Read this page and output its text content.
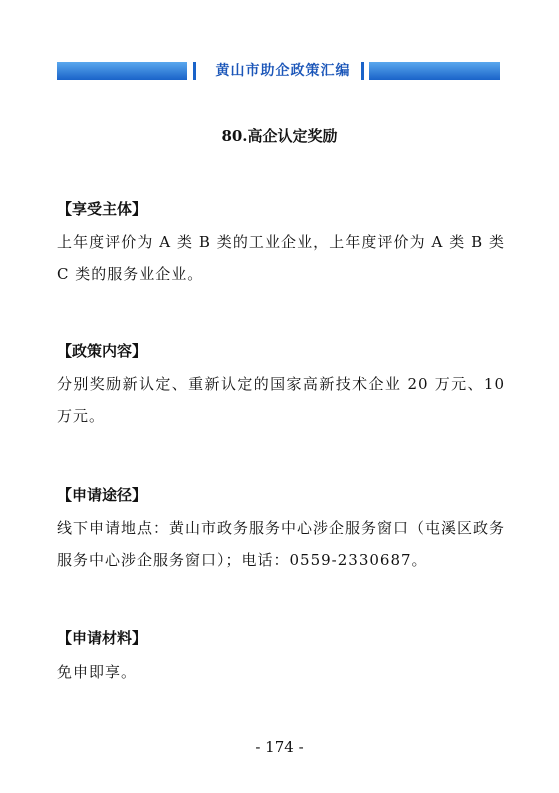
黄山市助企政策汇编
80.高企认定奖励
【享受主体】
上年度评价为 A 类 B 类的工业企业，上年度评价为 A 类 B 类 C 类的服务业企业。
【政策内容】
分别奖励新认定、重新认定的国家高新技术企业 20 万元、10 万元。
【申请途径】
线下申请地点：黄山市政务服务中心涉企服务窗口（屯溪区政务服务中心涉企服务窗口）；电话：0559-2330687。
【申请材料】
免申即享。
- 174 -
